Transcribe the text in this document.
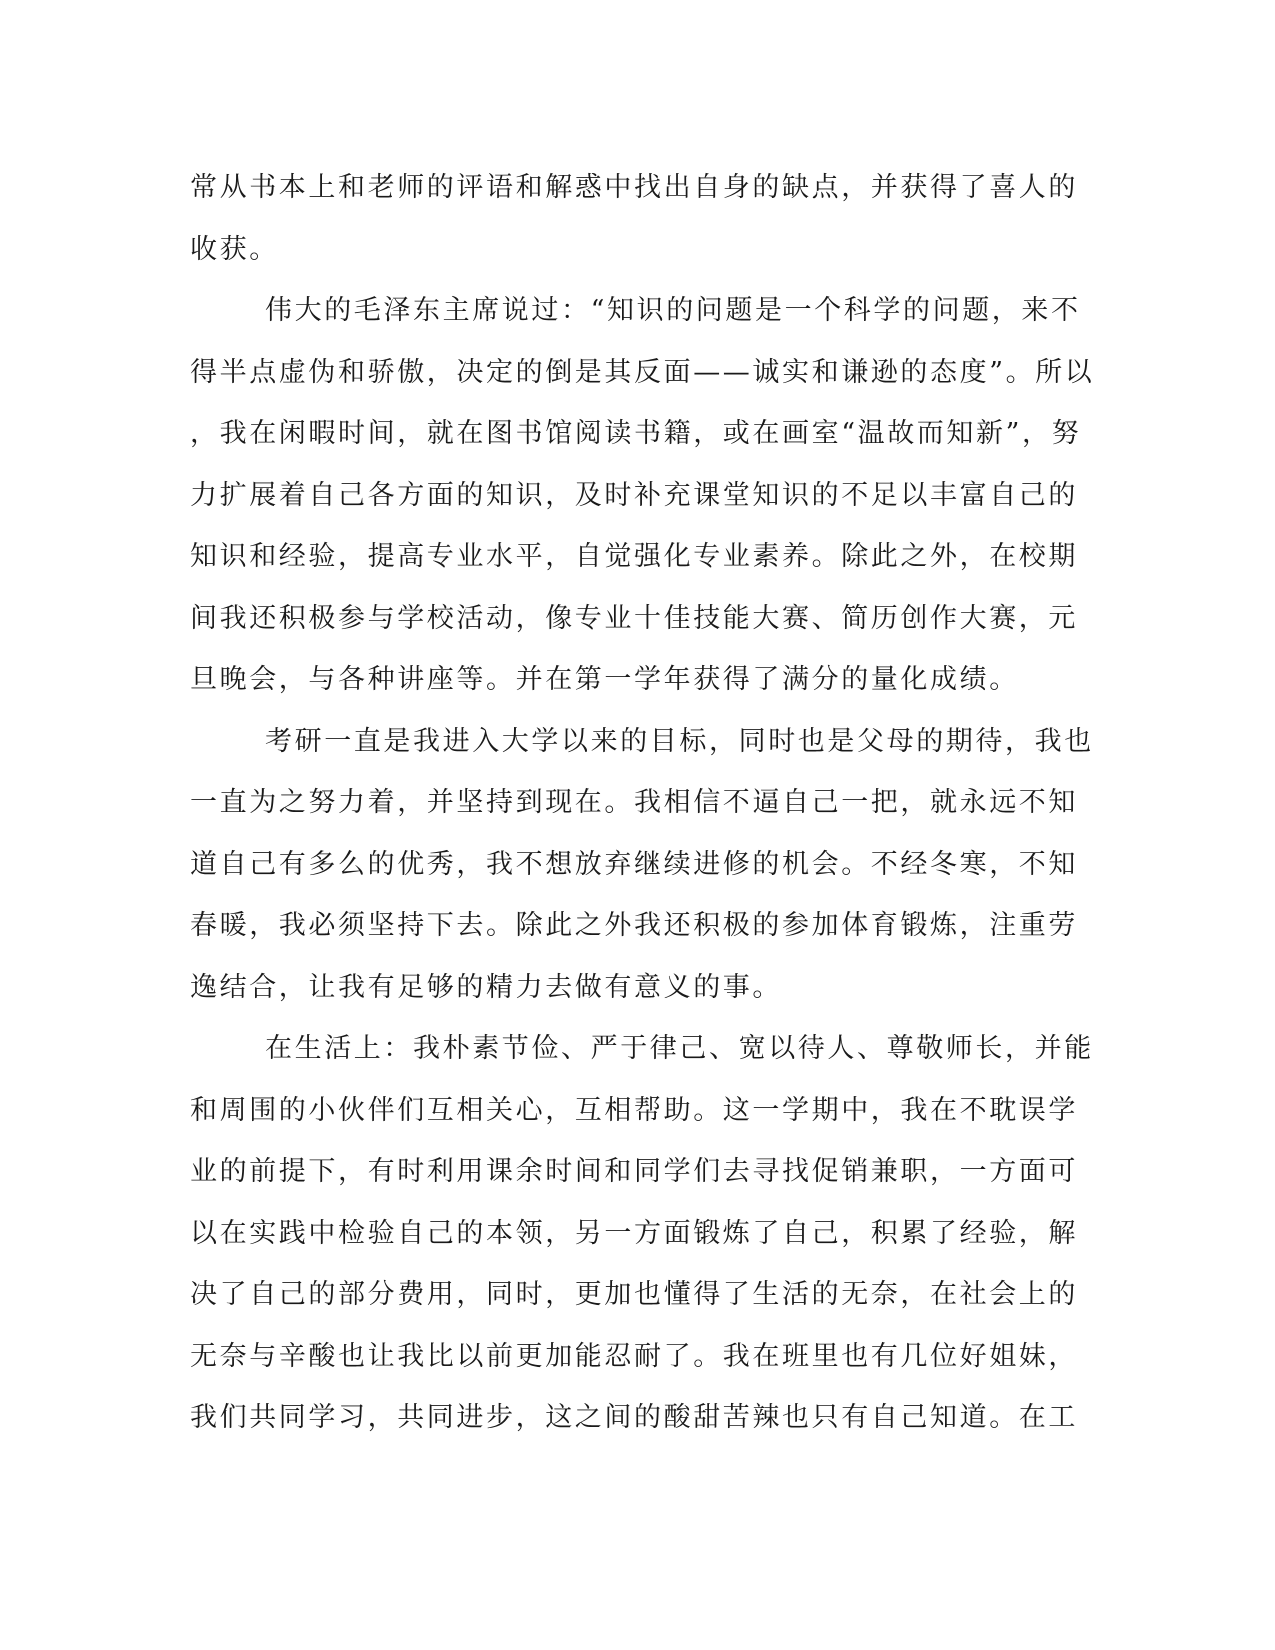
常从书本上和老师的评语和解惑中找出自身的缺点，并获得了喜人的
收获。
伟大的毛泽东主席说过：“知识的问题是一个科学的问题，来不
得半点虚伪和骄傲，决定的倒是其反面——诚实和谦逊的态度”。所以
，我在闲暇时间，就在图书馆阅读书籍，或在画室“温故而知新”，努
力扩展着自己各方面的知识，及时补充课堂知识的不足以丰富自己的
知识和经验，提高专业水平，自觉强化专业素养。除此之外，在校期
间我还积极参与学校活动，像专业十佳技能大赛、简历创作大赛，元
旦晚会，与各种讲座等。并在第一学年获得了满分的量化成绩。
考研一直是我进入大学以来的目标，同时也是父母的期待，我也
一直为之努力着，并坚持到现在。我相信不逼自己一把，就永远不知
道自己有多么的优秀，我不想放弃继续进修的机会。不经冬寒，不知
春暖，我必须坚持下去。除此之外我还积极的参加体育锻炼，注重劳
逸结合，让我有足够的精力去做有意义的事。
在生活上：我朴素节俭、严于律己、宽以待人、尊敬师长，并能
和周围的小伙伴们互相关心，互相帮助。这一学期中，我在不耽误学
业的前提下，有时利用课余时间和同学们去寻找促销兼职，一方面可
以在实践中检验自己的本领，另一方面锻炼了自己，积累了经验，解
决了自己的部分费用，同时，更加也懂得了生活的无奈，在社会上的
无奈与辛酸也让我比以前更加能忍耐了。我在班里也有几位好姐妹，
我们共同学习，共同进步，这之间的酸甜苦辣也只有自己知道。在工
